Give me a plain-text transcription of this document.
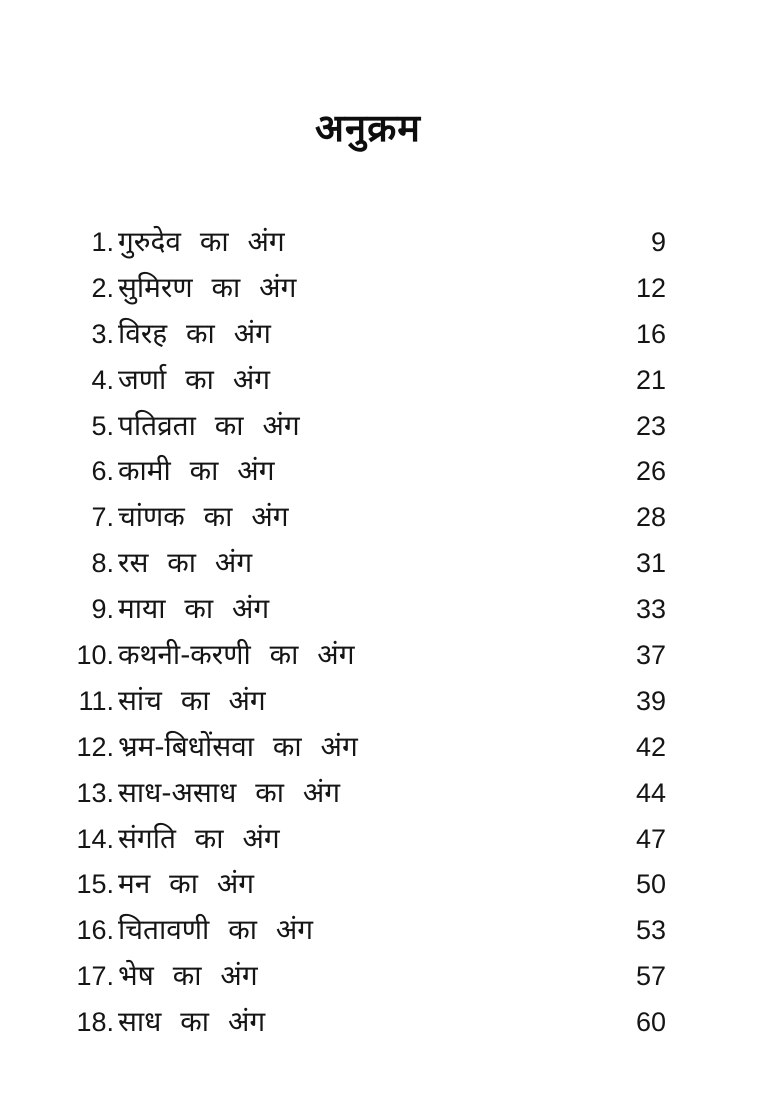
अनुक्रम
1. गुरुदेव का अंग	9
2. सुमिरण का अंग	12
3. विरह का अंग	16
4. जर्णा का अंग	21
5. पतिव्रता का अंग	23
6. कामी का अंग	26
7. चांणक का अंग	28
8. रस का अंग	31
9. माया का अंग	33
10. कथनी-करणी का अंग	37
11. सांच का अंग	39
12. भ्रम-बिधोंसवा का अंग	42
13. साध-असाध का अंग	44
14. संगति का अंग	47
15. मन का अंग	50
16. चितावणी का अंग	53
17. भेष का अंग	57
18. साध का अंग	60
